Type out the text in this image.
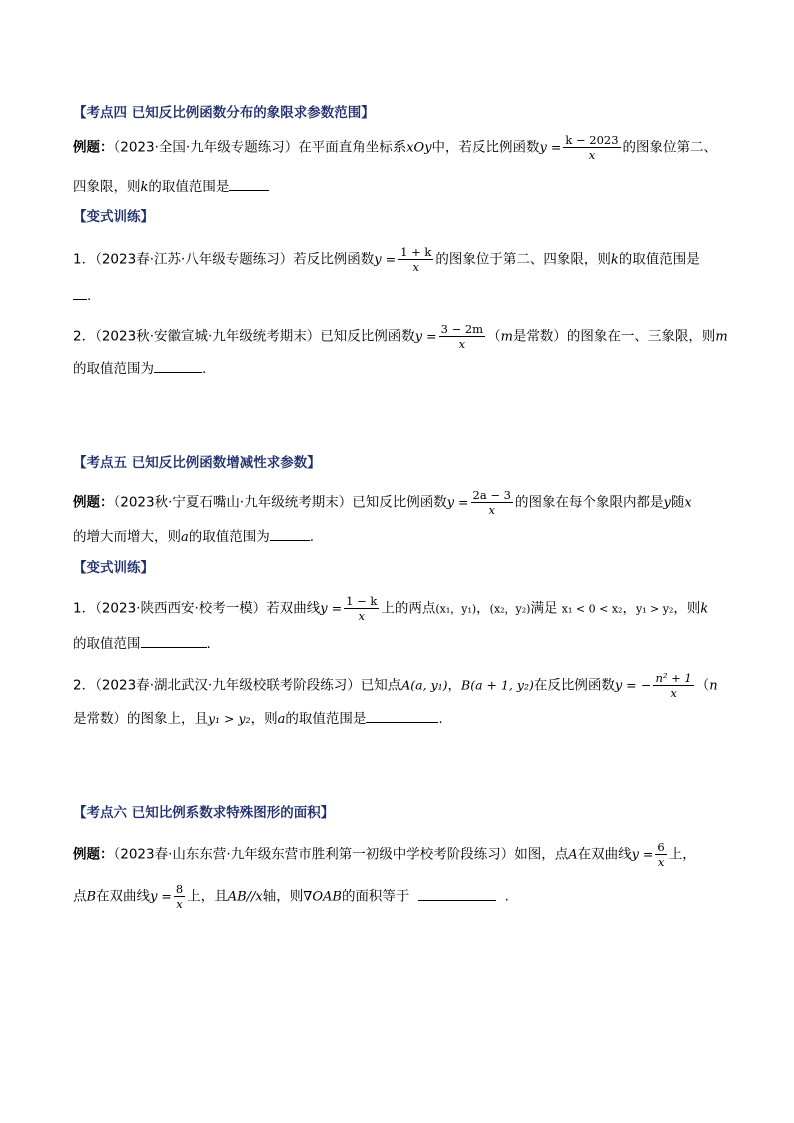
【考点四 已知反比例函数分布的象限求参数范围】
例题：（2023·全国·九年级专题练习）在平面直角坐标系xOy中，若反比例函数$y = \frac{k - 2023}{x}$ 的图象位第二、
四象限，则k的取值范围是
【变式训练】
1．（2023春·江苏·八年级专题练习）若反比例函数$y = \frac{1 + k}{x}$ 的图象位于第二、四象限，则k的取值范围是
.
2．（2023秋·安徽宣城·九年级统考期末）已知反比例函数$y = \frac{3 - 2m}{x} (m$是常数）的图象在一、三象限，则m
的取值范围为	.
【考点五 已知反比例函数增减性求参数】
例题：（2023秋·宁夏石嘴山·九年级统考期末）已知反比例函数$y = \frac{2a - 3}{x}$ 的图象在每个象限内都是y随x
的增大而增大，则a的取值范围为	.
【变式训练】
1．（2023·陕西西安·校考一模）若双曲线$y = \frac{1 - k}{x}$ 上的两点(x₁，y₁)，(x₂，y₂)满足 x₁ < 0 < x₂，y₁ > y₂，则k
的取值范围	.
2．（2023春·湖北武汉·九年级校联考阶段练习）已知点A(a, y₁)，B(a + 1, y₂)在反比例函数y = − $\frac{\text{n² + 1}}{x} (n$
是常数）的图象上，且y₁ > y₂，则a的取值范围是	.
【考点六 已知比例系数求特殊图形的面积】
例题：（2023春·山东东营·九年级东营市胜利第一初级中学校考阶段练习）如图，点A在双曲线$y = \frac{6}{x}$ 上，
点B在双曲线$y = \frac{8}{x}$ 上，且AB//x轴，则∇OAB的面积等于	.
